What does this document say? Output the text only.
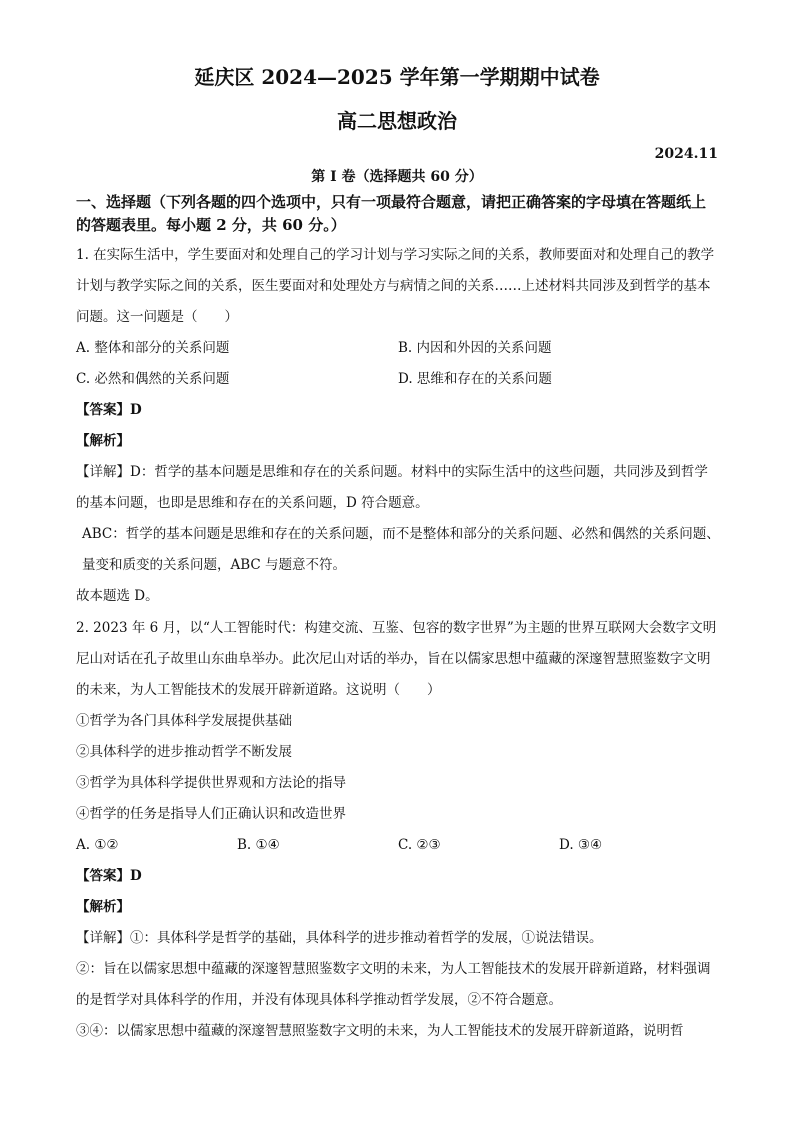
延庆区 2024—2025 学年第一学期期中试卷
高二思想政治
2024.11
第 I 卷（选择题共 60 分）
一、选择题（下列各题的四个选项中，只有一项最符合题意，请把正确答案的字母填在答题纸上的答题表里。每小题 2 分，共 60 分。）

1. 在实际生活中，学生要面对和处理自己的学习计划与学习实际之间的关系，教师要面对和处理自己的教学计划与教学实际之间的关系，医生要面对和处理处方与病情之间的关系……上述材料共同涉及到哲学的基本问题。这一问题是（　　）

A. 整体和部分的关系问题	B. 内因和外因的关系问题
C. 必然和偶然的关系问题	D. 思维和存在的关系问题

【答案】D

【解析】

【详解】D：哲学的基本问题是思维和存在的关系问题。材料中的实际生活中的这些问题，共同涉及到哲学的基本问题，也即是思维和存在的关系问题，D 符合题意。

ABC：哲学的基本问题是思维和存在的关系问题，而不是整体和部分的关系问题、必然和偶然的关系问题、量变和质变的关系问题，ABC 与题意不符。

故本题选 D。

2. 2023 年 6 月，以“人工智能时代：构建交流、互鉴、包容的数字世界”为主题的世界互联网大会数字文明尼山对话在孔子故里山东曲阜举办。此次尼山对话的举办，旨在以儒家思想中蕴藏的深邃智慧照鉴数字文明的未来，为人工智能技术的发展开辟新道路。这说明（　　）

①哲学为各门具体科学发展提供基础

②具体科学的进步推动哲学不断发展

③哲学为具体科学提供世界观和方法论的指导

④哲学的任务是指导人们正确认识和改造世界

A. ①②	B. ①④	C. ②③	D. ③④

【答案】D

【解析】

【详解】①：具体科学是哲学的基础，具体科学的进步推动着哲学的发展，①说法错误。

②：旨在以儒家思想中蕴藏的深邃智慧照鉴数字文明的未来，为人工智能技术的发展开辟新道路，材料强调的是哲学对具体科学的作用，并没有体现具体科学推动哲学发展，②不符合题意。

③④：以儒家思想中蕴藏的深邃智慧照鉴数字文明的未来，为人工智能技术的发展开辟新道路，说明哲
